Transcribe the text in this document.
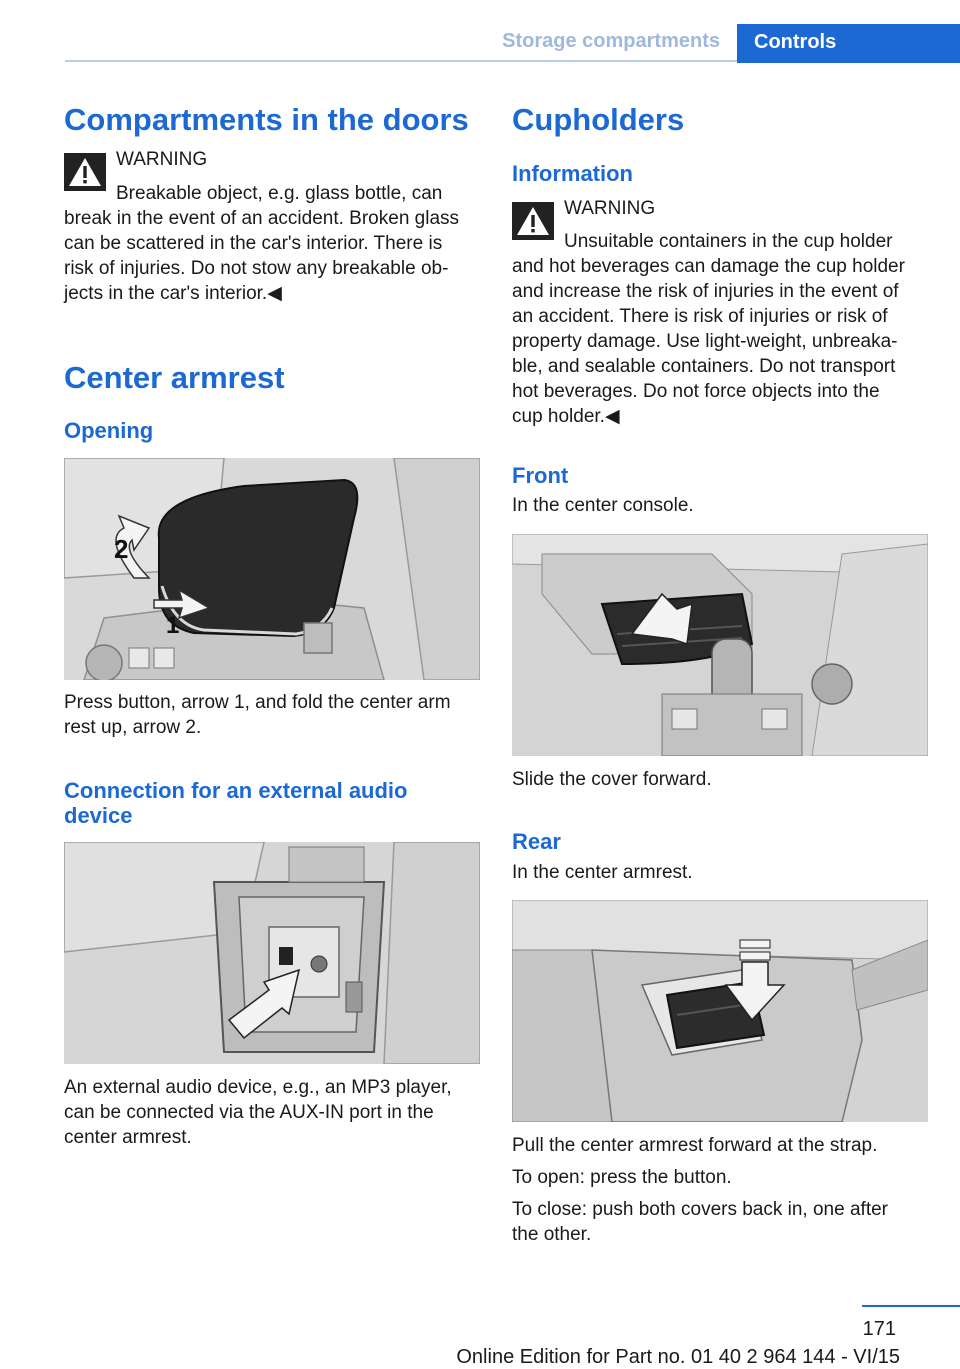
Storage compartments Controls
Compartments in the doors
WARNING
Breakable object, e.g. glass bottle, can
break in the event of an accident. Broken glass
can be scattered in the car's interior. There is
risk of injuries. Do not stow any breakable ob‐
jects in the car's interior.◀
Center armrest
Opening
2
1
Press button, arrow 1, and fold the center arm
rest up, arrow 2.
Connection for an external audio
device
An external audio device, e.g., an MP3 player,
can be connected via the AUX-IN port in the
center armrest.
Cupholders
Information
WARNING
Unsuitable containers in the cup holder
and hot beverages can damage the cup holder
and increase the risk of injuries in the event of
an accident. There is risk of injuries or risk of
property damage. Use light-weight, unbreaka‐
ble, and sealable containers. Do not transport
hot beverages. Do not force objects into the
cup holder.◀
Front
In the center console.
Slide the cover forward.
Rear
In the center armrest.
Pull the center armrest forward at the strap.
To open: press the button.
To close: push both covers back in, one after
the other.
171
Online Edition for Part no. 01 40 2 964 144 - VI/15
